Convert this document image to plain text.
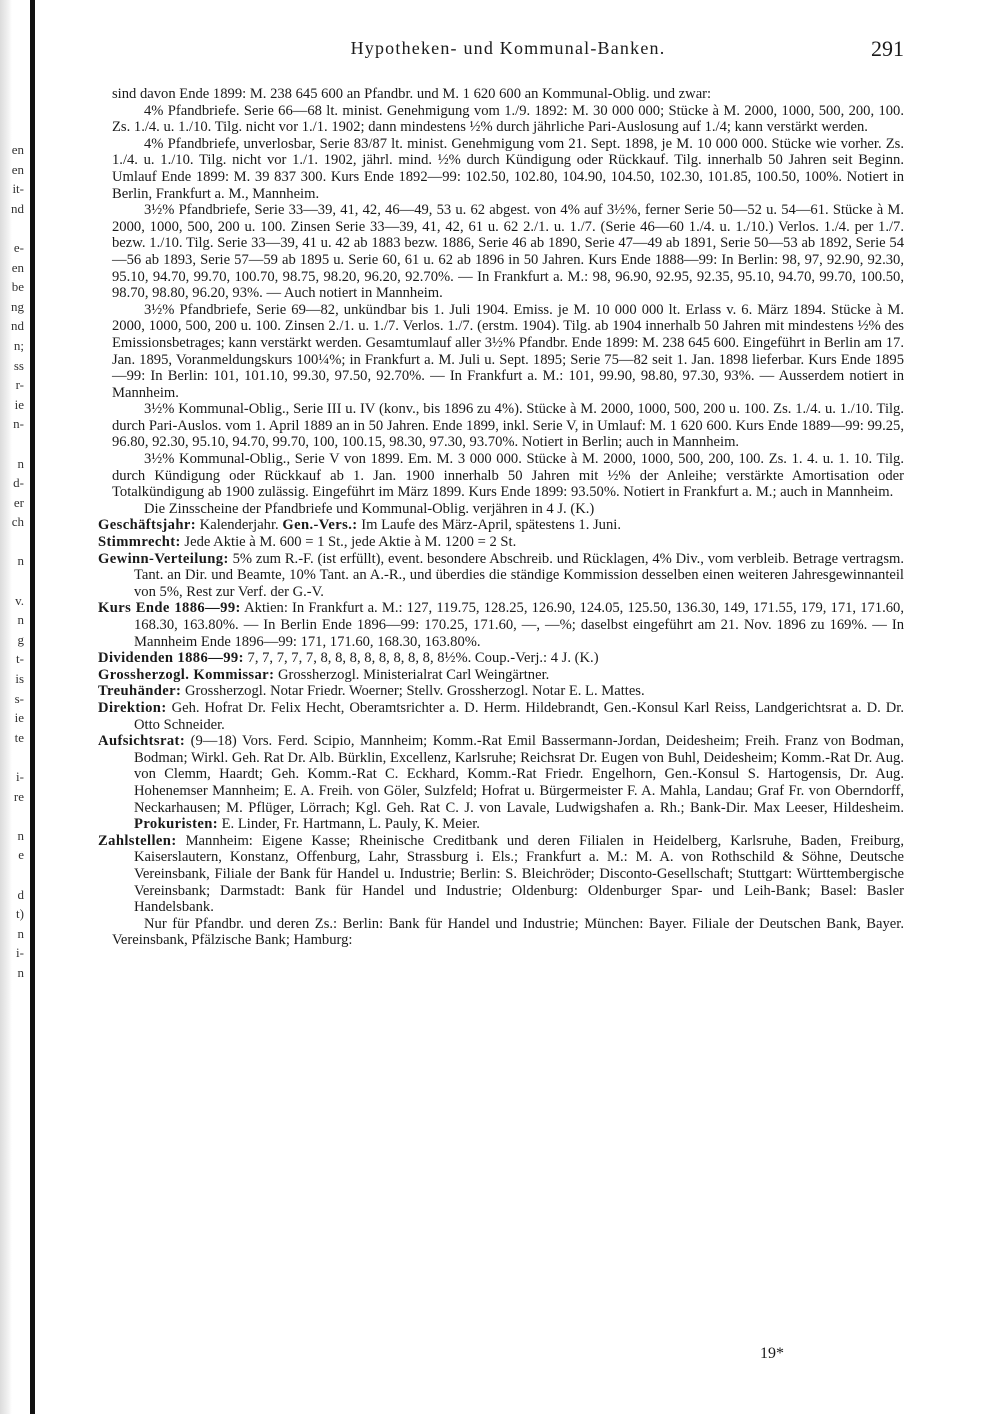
en
en
it-
nd
e-
en
be
ng
nd
n;
ss
r-
ie
n-
n
d-
er
ch
n
v.
n
g
t-
is
s-
ie
te
i-
re
n
e
d
t)
n
i-
n
Hypotheken- und Kommunal-Banken.	291

sind davon Ende 1899: M. 238 645 600 an Pfandbr. und M. 1 620 600 an Kommunal-Oblig. und zwar:

4% Pfandbriefe. Serie 66—68 lt. minist. Genehmigung vom 1./9. 1892: M. 30 000 000; Stücke à M. 2000, 1000, 500, 200, 100. Zs. 1./4. u. 1./10. Tilg. nicht vor 1./1. 1902; dann mindestens ½% durch jährliche Pari-Auslosung auf 1./4; kann verstärkt werden.

4% Pfandbriefe, unverlosbar, Serie 83/87 lt. minist. Genehmigung vom 21. Sept. 1898, je M. 10 000 000. Stücke wie vorher. Zs. 1./4. u. 1./10. Tilg. nicht vor 1./1. 1902, jährl. mind. ½% durch Kündigung oder Rückkauf. Tilg. innerhalb 50 Jahren seit Beginn. Umlauf Ende 1899: M. 39 837 300. Kurs Ende 1892—99: 102.50, 102.80, 104.90, 104.50, 102.30, 101.85, 100.50, 100%. Notiert in Berlin, Frankfurt a. M., Mannheim.

3½% Pfandbriefe, Serie 33—39, 41, 42, 46—49, 53 u. 62 abgest. von 4% auf 3½%, ferner Serie 50—52 u. 54—61. Stücke à M. 2000, 1000, 500, 200 u. 100. Zinsen Serie 33—39, 41, 42, 61 u. 62 2./1. u. 1./7. (Serie 46—60 1./4. u. 1./10.) Verlos. 1./4. per 1./7. bezw. 1./10. Tilg. Serie 33—39, 41 u. 42 ab 1883 bezw. 1886, Serie 46 ab 1890, Serie 47—49 ab 1891, Serie 50—53 ab 1892, Serie 54—56 ab 1893, Serie 57—59 ab 1895 u. Serie 60, 61 u. 62 ab 1896 in 50 Jahren. Kurs Ende 1888—99: In Berlin: 98, 97, 92.90, 92.30, 95.10, 94.70, 99.70, 100.70, 98.75, 98.20, 96.20, 92.70%. — In Frankfurt a. M.: 98, 96.90, 92.95, 92.35, 95.10, 94.70, 99.70, 100.50, 98.70, 98.80, 96.20, 93%. — Auch notiert in Mannheim.

3½% Pfandbriefe, Serie 69—82, unkündbar bis 1. Juli 1904. Emiss. je M. 10 000 000 lt. Erlass v. 6. März 1894. Stücke à M. 2000, 1000, 500, 200 u. 100. Zinsen 2./1. u. 1./7. Verlos. 1./7. (erstm. 1904). Tilg. ab 1904 innerhalb 50 Jahren mit mindestens ½% des Emissionsbetrages; kann verstärkt werden. Gesamtumlauf aller 3½% Pfandbr. Ende 1899: M. 238 645 600. Eingeführt in Berlin am 17. Jan. 1895, Voranmeldungskurs 100¼%; in Frankfurt a. M. Juli u. Sept. 1895; Serie 75—82 seit 1. Jan. 1898 lieferbar. Kurs Ende 1895—99: In Berlin: 101, 101.10, 99.30, 97.50, 92.70%. — In Frankfurt a. M.: 101, 99.90, 98.80, 97.30, 93%. — Ausserdem notiert in Mannheim.

3½% Kommunal-Oblig., Serie III u. IV (konv., bis 1896 zu 4%). Stücke à M. 2000, 1000, 500, 200 u. 100. Zs. 1./4. u. 1./10. Tilg. durch Pari-Auslos. vom 1. April 1889 an in 50 Jahren. Ende 1899, inkl. Serie V, in Umlauf: M. 1 620 600. Kurs Ende 1889—99: 99.25, 96.80, 92.30, 95.10, 94.70, 99.70, 100, 100.15, 98.30, 97.30, 93.70%. Notiert in Berlin; auch in Mannheim.

3½% Kommunal-Oblig., Serie V von 1899. Em. M. 3 000 000. Stücke à M. 2000, 1000, 500, 200, 100. Zs. 1. 4. u. 1. 10. Tilg. durch Kündigung oder Rückkauf ab 1. Jan. 1900 innerhalb 50 Jahren mit ½% der Anleihe; verstärkte Amortisation oder Totalkündigung ab 1900 zulässig. Eingeführt im März 1899. Kurs Ende 1899: 93.50%. Notiert in Frankfurt a. M.; auch in Mannheim.

Die Zinsscheine der Pfandbriefe und Kommunal-Oblig. verjähren in 4 J. (K.)

Geschäftsjahr: Kalenderjahr. Gen.-Vers.: Im Laufe des März-April, spätestens 1. Juni.

Stimmrecht: Jede Aktie à M. 600 = 1 St., jede Aktie à M. 1200 = 2 St.

Gewinn-Verteilung: 5% zum R.-F. (ist erfüllt), event. besondere Abschreib. und Rücklagen, 4% Div., vom verbleib. Betrage vertragsm. Tant. an Dir. und Beamte, 10% Tant. an A.-R., und überdies die ständige Kommission desselben einen weiteren Jahresgewinnanteil von 5%, Rest zur Verf. der G.-V.

Kurs Ende 1886—99: Aktien: In Frankfurt a. M.: 127, 119.75, 128.25, 126.90, 124.05, 125.50, 136.30, 149, 171.55, 179, 171, 171.60, 168.30, 163.80%. — In Berlin Ende 1896—99: 170.25, 171.60, —, —%; daselbst eingeführt am 21. Nov. 1896 zu 169%. — In Mannheim Ende 1896—99: 171, 171.60, 168.30, 163.80%.

Dividenden 1886—99: 7, 7, 7, 7, 7, 8, 8, 8, 8, 8, 8, 8, 8, 8½%. Coup.-Verj.: 4 J. (K.)

Grossherzogl. Kommissar: Grossherzogl. Ministerialrat Carl Weingärtner.

Treuhänder: Grossherzogl. Notar Friedr. Woerner; Stellv. Grossherzogl. Notar E. L. Mattes.

Direktion: Geh. Hofrat Dr. Felix Hecht, Oberamtsrichter a. D. Herm. Hildebrandt, Gen.-Konsul Karl Reiss, Landgerichtsrat a. D. Dr. Otto Schneider.

Aufsichtsrat: (9—18) Vors. Ferd. Scipio, Mannheim; Komm.-Rat Emil Bassermann-Jordan, Deidesheim; Freih. Franz von Bodman, Bodman; Wirkl. Geh. Rat Dr. Alb. Bürklin, Excellenz, Karlsruhe; Reichsrat Dr. Eugen von Buhl, Deidesheim; Komm.-Rat Dr. Aug. von Clemm, Haardt; Geh. Komm.-Rat C. Eckhard, Komm.-Rat Friedr. Engelhorn, Gen.-Konsul S. Hartogensis, Dr. Aug. Hohenemser Mannheim; E. A. Freih. von Göler, Sulzfeld; Hofrat u. Bürgermeister F. A. Mahla, Landau; Graf Fr. von Oberndorff, Neckarhausen; M. Pflüger, Lörrach; Kgl. Geh. Rat C. J. von Lavale, Ludwigshafen a. Rh.; Bank-Dir. Max Leeser, Hildesheim. Prokuristen: E. Linder, Fr. Hartmann, L. Pauly, K. Meier.

Zahlstellen: Mannheim: Eigene Kasse; Rheinische Creditbank und deren Filialen in Heidelberg, Karlsruhe, Baden, Freiburg, Kaiserslautern, Konstanz, Offenburg, Lahr, Strassburg i. Els.; Frankfurt a. M.: M. A. von Rothschild & Söhne, Deutsche Vereinsbank, Filiale der Bank für Handel u. Industrie; Berlin: S. Bleichröder; Disconto-Gesellschaft; Stuttgart: Württembergische Vereinsbank; Darmstadt: Bank für Handel und Industrie; Oldenburg: Oldenburger Spar- und Leih-Bank; Basel: Basler Handelsbank.

Nur für Pfandbr. und deren Zs.: Berlin: Bank für Handel und Industrie; München: Bayer. Filiale der Deutschen Bank, Bayer. Vereinsbank, Pfälzische Bank; Hamburg:

19*
